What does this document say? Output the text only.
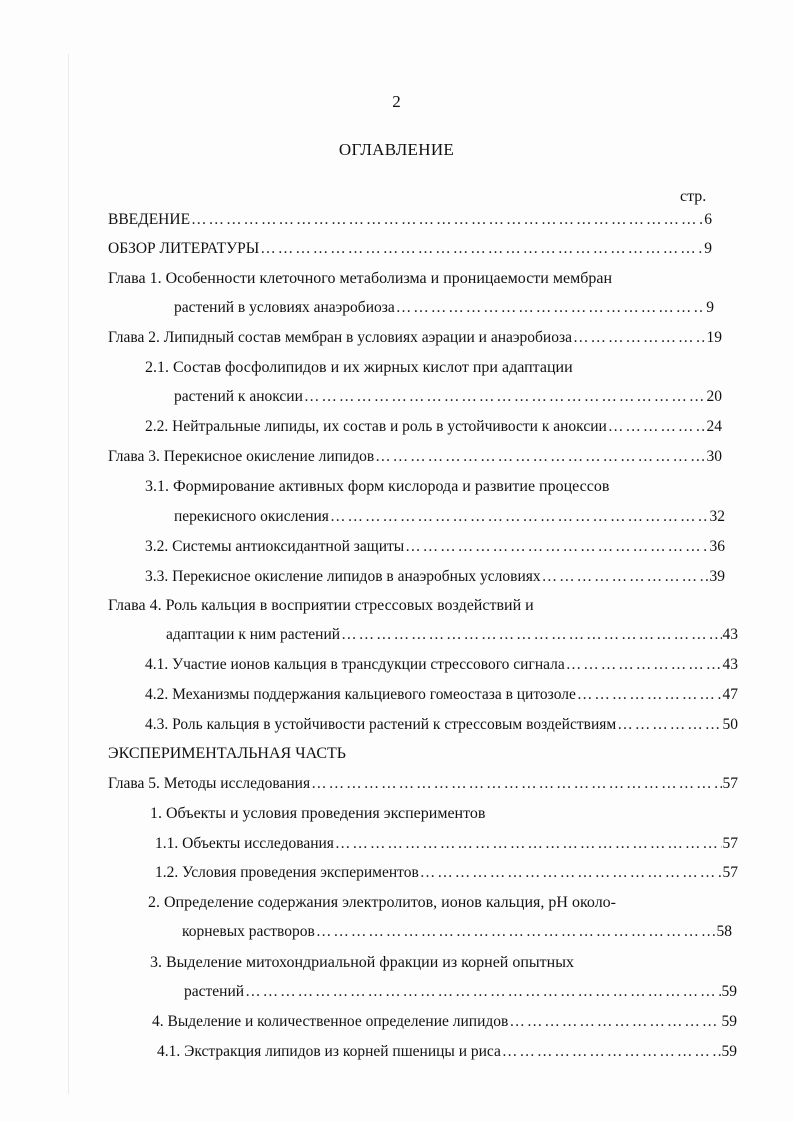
2
ОГЛАВЛЕНИЕ
стр.
ВВЕДЕНИЕ …………………………………………………………………………………………………………………………………………………………………………	6
ОБЗОР ЛИТЕРАТУРЫ …………………………………………………………………………………………………………………………………………………………………………	9
Глава 1. Особенности клеточного метаболизма и проницаемости мембран
растений в условиях анаэробиоза …………………………………………………………………………………………………………………………………………………………………………	9
Глава 2. Липидный состав мембран в условиях аэрации и анаэробиоза …………………………………………………………………………………………………………………………………………………………………………	19
2.1. Состав фосфолипидов и их жирных кислот при адаптации
растений к аноксии …………………………………………………………………………………………………………………………………………………………………………	20
2.2. Нейтральные липиды, их состав и роль в устойчивости к аноксии …………………………………………………………………………………………………………………………………………………………………………	24
Глава 3. Перекисное окисление липидов …………………………………………………………………………………………………………………………………………………………………………	30
3.1. Формирование активных форм кислорода и развитие процессов
перекисного окисления …………………………………………………………………………………………………………………………………………………………………………	32
3.2. Системы антиоксидантной защиты …………………………………………………………………………………………………………………………………………………………………………	36
3.3. Перекисное окисление липидов в анаэробных условиях …………………………………………………………………………………………………………………………………………………………………………	39
Глава 4. Роль кальция в восприятии стрессовых воздействий и
адаптации к ним растений …………………………………………………………………………………………………………………………………………………………………………	43
4.1. Участие ионов кальция в трансдукции стрессового сигнала …………………………………………………………………………………………………………………………………………………………………………	43
4.2. Механизмы поддержания кальциевого гомеостаза в цитозоле …………………………………………………………………………………………………………………………………………………………………………	47
4.3. Роль кальция в устойчивости растений к стрессовым воздействиям …………………………………………………………………………………………………………………………………………………………………………	50
ЭКСПЕРИМЕНТАЛЬНАЯ ЧАСТЬ
Глава 5. Методы исследования …………………………………………………………………………………………………………………………………………………………………………	57
1. Объекты и условия проведения экспериментов
1.1. Объекты исследования …………………………………………………………………………………………………………………………………………………………………………	57
1.2. Условия проведения экспериментов …………………………………………………………………………………………………………………………………………………………………………	57
2. Определение содержания электролитов, ионов кальция, рН около-
корневых растворов …………………………………………………………………………………………………………………………………………………………………………	58
3. Выделение митохондриальной фракции из корней опытных
растений …………………………………………………………………………………………………………………………………………………………………………	59
4. Выделение и количественное определение липидов …………………………………………………………………………………………………………………………………………………………………………	59
4.1. Экстракция липидов из корней пшеницы и риса …………………………………………………………………………………………………………………………………………………………………………	59
